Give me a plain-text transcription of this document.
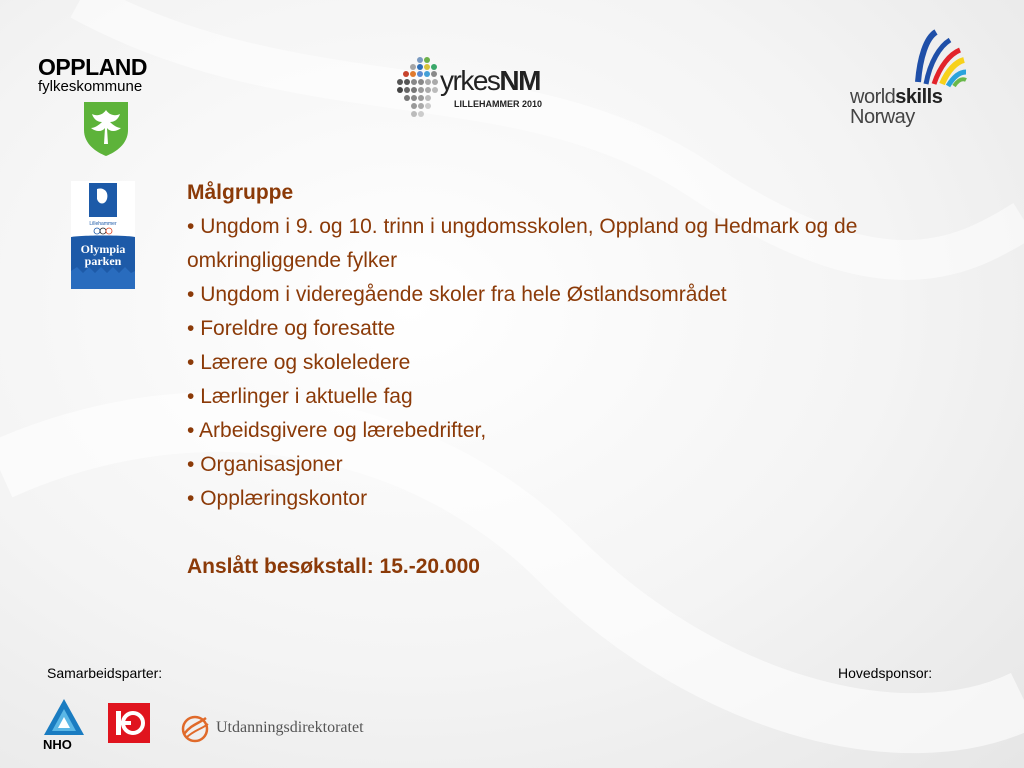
OPPLAND
fylkeskommune	yrkesNM
LILLEHAMMER 2010	worldskills
Norway
Lillehammer
Olympia
parken

Målgruppe

• Ungdom i 9. og 10. trinn i ungdomsskolen, Oppland og Hedmark og de omkringliggende fylker
• Ungdom i videregående skoler fra hele Østlandsområdet
• Foreldre og foresatte
• Lærere og skoleledere
• Lærlinger i aktuelle fag
• Arbeidsgivere og lærebedrifter,
• Organisasjoner
• Opplæringskontor

Anslått besøkstall: 15.-20.000

Samarbeidsparter:	Hovedsponsor:
NHO
Utdanningsdirektoratet
